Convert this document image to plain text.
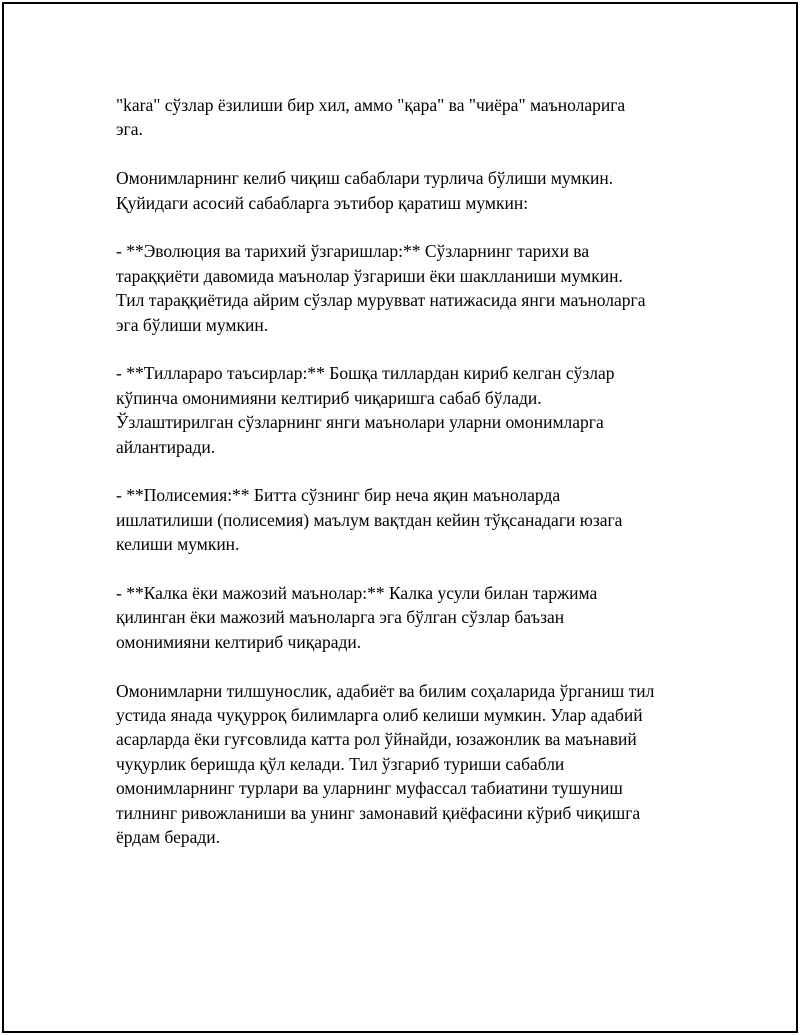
"kara" сўзлар ёзилиши бир хил, аммо "қара" ва "чиёра" маъноларига
эга.

Омонимларнинг келиб чиқиш сабаблари турлича бўлиши мумкин.
Қуйидаги асосий сабабларга эътибор қаратиш мумкин:

- **Эволюция ва тарихий ўзгаришлар:** Сўзларнинг тарихи ва
тараққиёти давомида маънолар ўзгариши ёки шаклланиши мумкин.
Тил тараққиётида айрим сўзлар мурувват натижасида янги маъноларга
эга бўлиши мумкин.

- **Тиллараро таъсирлар:** Бошқа тиллардан кириб келган сўзлар
кўпинча омонимияни келтириб чиқаришга сабаб бўлади.
Ўзлаштирилган сўзларнинг янги маънолари уларни омонимларга
айлантиради.

- **Полисемия:** Битта сўзнинг бир неча яқин маъноларда
ишлатилиши (полисемия) маълум вақтдан кейин тўқсанадаги юзага
келиши мумкин.

- **Калка ёки мажозий маънолар:** Калка усули билан таржима
қилинган ёки мажозий маъноларга эга бўлган сўзлар баъзан
омонимияни келтириб чиқаради.

Омонимларни тилшунослик, адабиёт ва билим соҳаларида ўрганиш тил
устида янада чуқурроқ билимларга олиб келиши мумкин. Улар адабий
асарларда ёки гуғсовлида катта рол ўйнайди, юзажонлик ва маънавий
чуқурлик беришда қўл келади. Тил ўзгариб туриши сабабли
омонимларнинг турлари ва уларнинг муфассал табиатини тушуниш
тилнинг ривожланиши ва унинг замонавий қиёфасини кўриб чиқишга
ёрдам беради.
